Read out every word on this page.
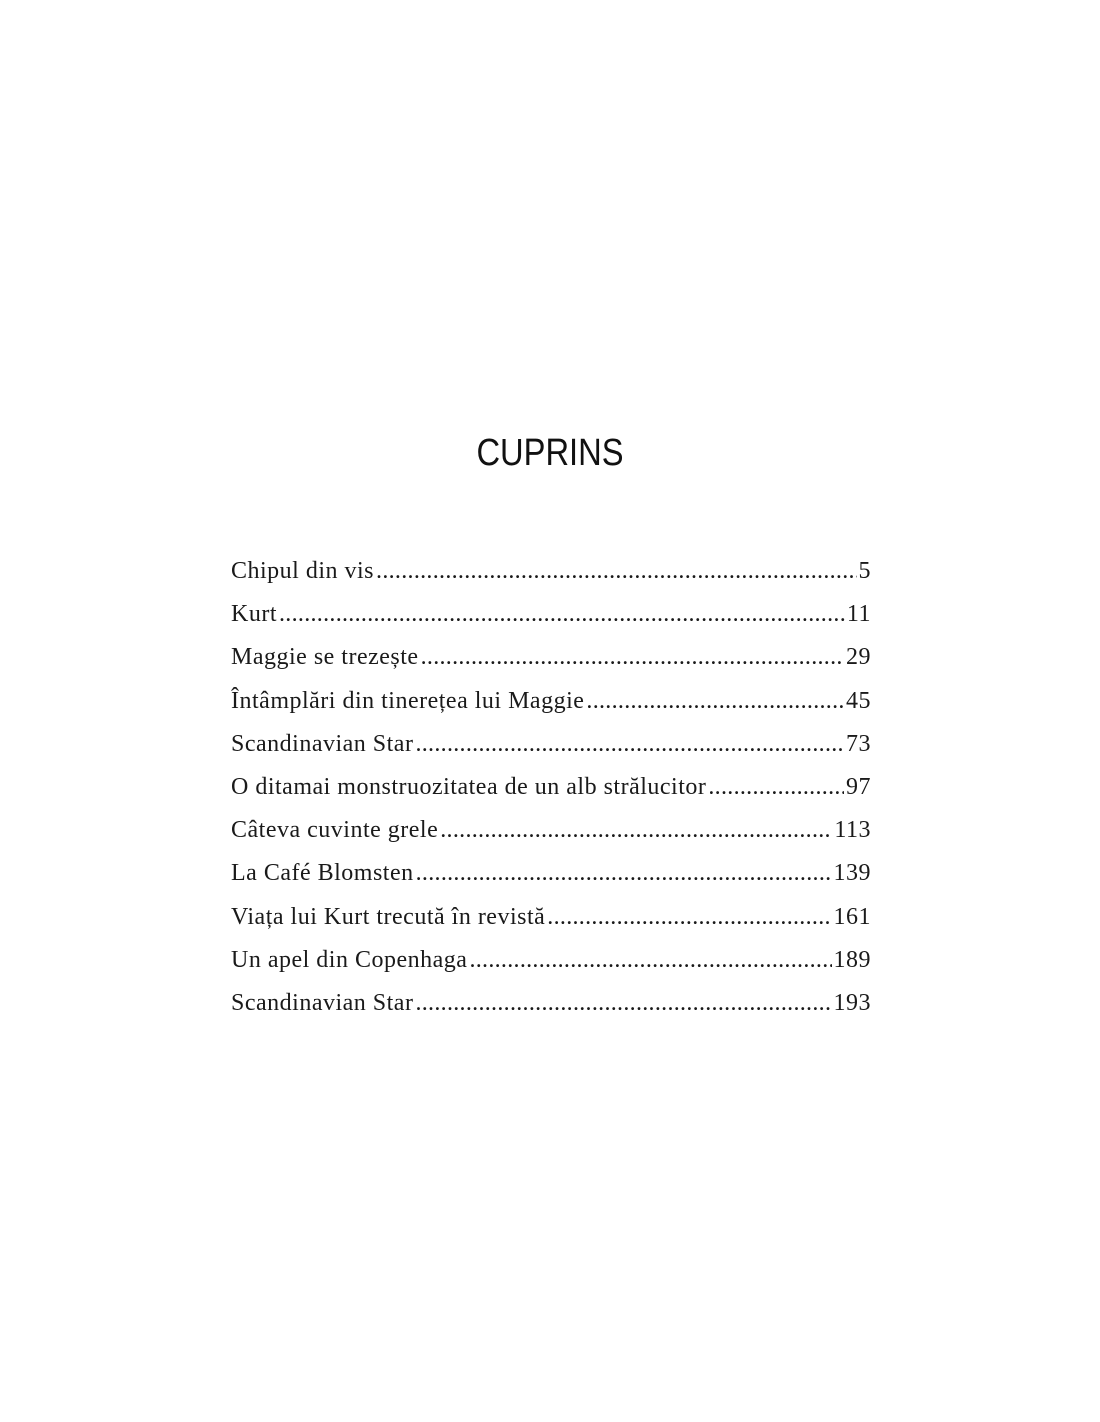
CUPRINS
Chipul din vis .....	5
Kurt .....	11
Maggie se trezește .....	29
Întâmplări din tinerețea lui Maggie .....	45
Scandinavian Star .....	73
O ditamai monstruozitatea de un alb strălucitor .....	97
Câteva cuvinte grele .....	113
La Café Blomsten .....	139
Viața lui Kurt trecută în revistă .....	161
Un apel din Copenhaga .....	189
Scandinavian Star .....	193
